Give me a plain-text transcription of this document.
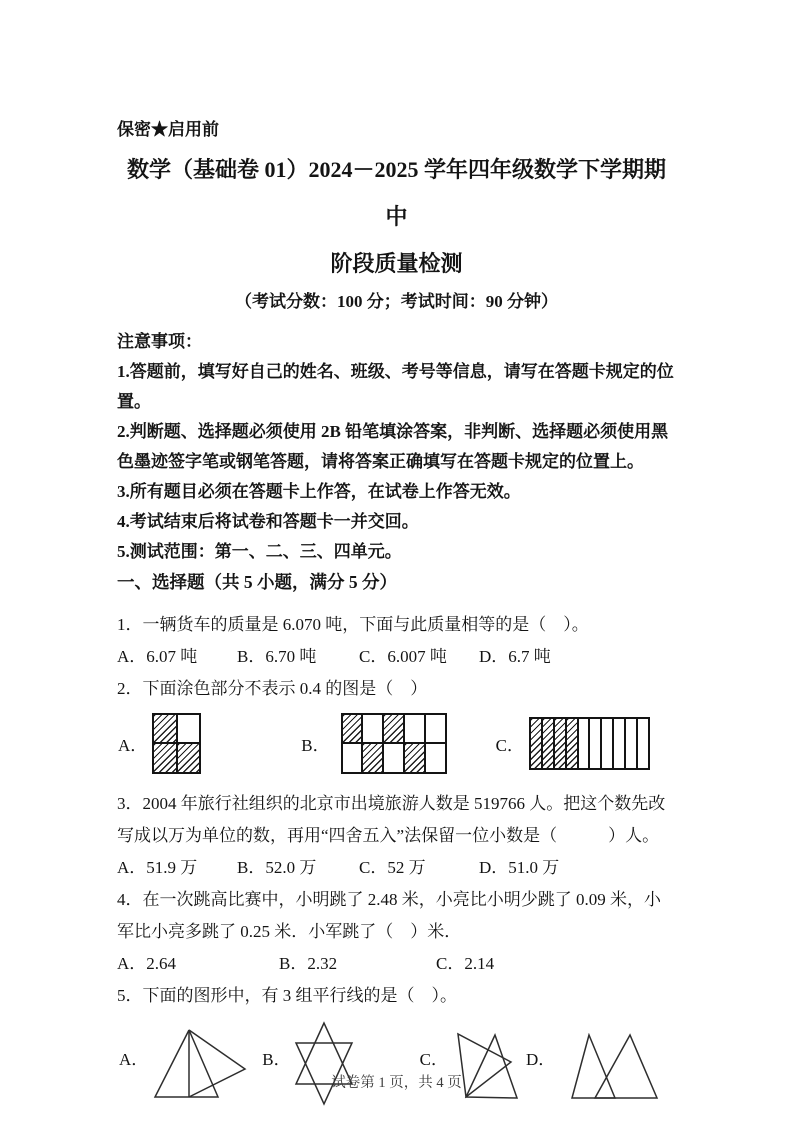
保密★启用前
数学（基础卷 01）2024－2025 学年四年级数学下学期期中
阶段质量检测
（考试分数：100 分；考试时间：90 分钟）

注意事项：

1.答题前，填写好自己的姓名、班级、考号等信息，请写在答题卡规定的位置。

2.判断题、选择题必须使用 2B 铅笔填涂答案，非判断、选择题必须使用黑色墨迹签字笔或钢笔答题，请将答案正确填写在答题卡规定的位置上。

3.所有题目必须在答题卡上作答，在试卷上作答无效。

4.考试结束后将试卷和答题卡一并交回。

5.测试范围：第一、二、三、四单元。

一、选择题（共 5 小题，满分 5 分）

1．一辆货车的质量是 6.070 吨，下面与此质量相等的是（　）。

A．6.07 吨	B．6.70 吨	C．6.007 吨	D．6.7 吨

2．下面涂色部分不表示 0.4 的图是（　）

A．	B．	C．

3．2004 年旅行社组织的北京市出境旅游人数是 519766 人。把这个数先改写成以万为单位的数，再用“四舍五入”法保留一位小数是（　　　）人。

A．51.9 万	B．52.0 万	C．52 万	D．51.0 万

4．在一次跳高比赛中，小明跳了 2.48 米，小亮比小明少跳了 0.09 米，小军比小亮多跳了 0.25 米．小军跳了（　）米．

A．2.64	B．2.32	C．2.14

5．下面的图形中，有 3 组平行线的是（　）。

A．	B．	C．	D．
试卷第 1 页，共 4 页
